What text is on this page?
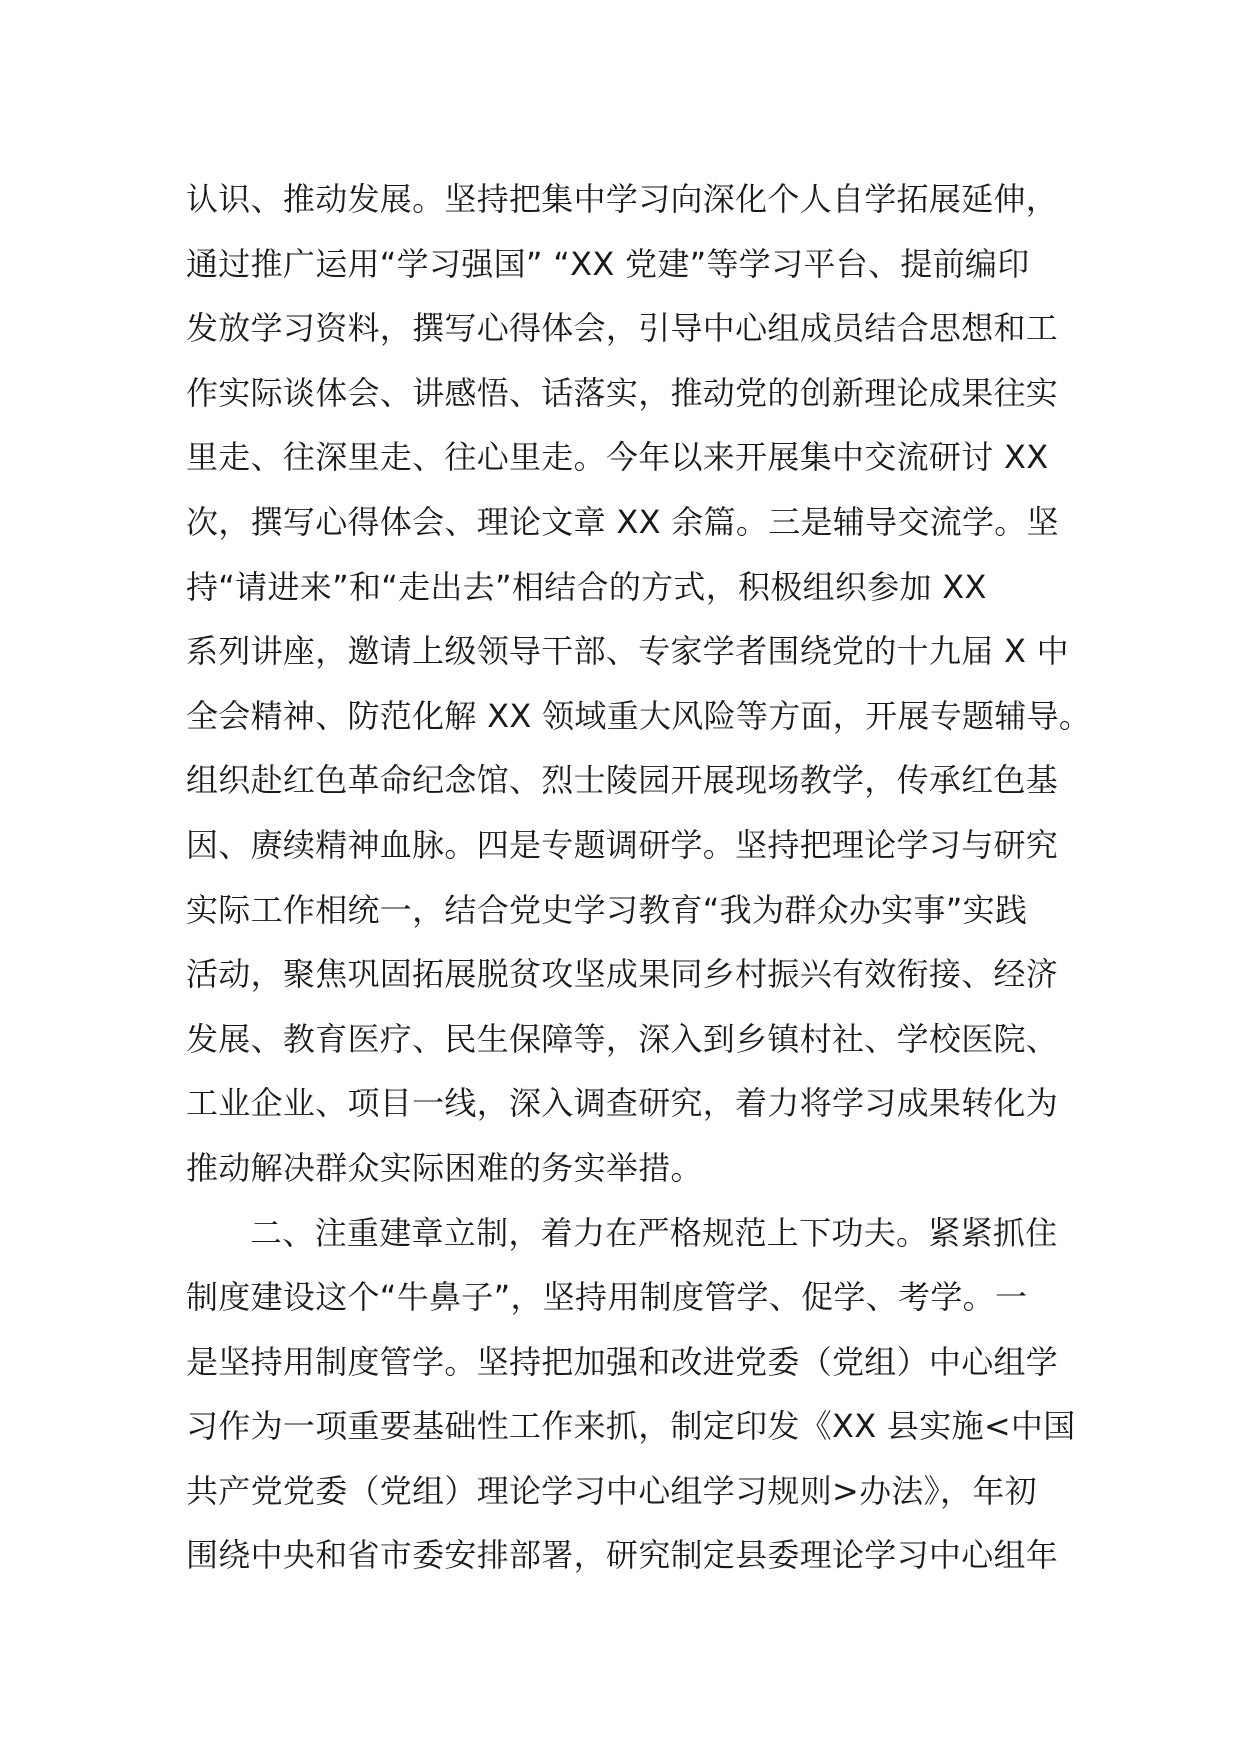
认识、推动发展。坚持把集中学习向深化个人自学拓展延伸，
通过推广运用“学习强国” “XX 党建”等学习平台、提前编印
发放学习资料，撰写心得体会，引导中心组成员结合思想和工
作实际谈体会、讲感悟、话落实，推动党的创新理论成果往实
里走、往深里走、往心里走。今年以来开展集中交流研讨 XX
次，撰写心得体会、理论文章 XX 余篇。三是辅导交流学。坚
持“请进来”和“走出去”相结合的方式，积极组织参加 XX
系列讲座，邀请上级领导干部、专家学者围绕党的十九届 X 中
全会精神、防范化解 XX 领域重大风险等方面，开展专题辅导。
组织赴红色革命纪念馆、烈士陵园开展现场教学，传承红色基
因、赓续精神血脉。四是专题调研学。坚持把理论学习与研究
实际工作相统一，结合党史学习教育“我为群众办实事”实践
活动，聚焦巩固拓展脱贫攻坚成果同乡村振兴有效衔接、经济
发展、教育医疗、民生保障等，深入到乡镇村社、学校医院、
工业企业、项目一线，深入调查研究，着力将学习成果转化为
推动解决群众实际困难的务实举措。
二、注重建章立制，着力在严格规范上下功夫。紧紧抓住
制度建设这个“牛鼻子”，坚持用制度管学、促学、考学。一
是坚持用制度管学。坚持把加强和改进党委（党组）中心组学
习作为一项重要基础性工作来抓，制定印发《XX 县实施<中国
共产党党委（党组）理论学习中心组学习规则>办法》，年初
围绕中央和省市委安排部署，研究制定县委理论学习中心组年
